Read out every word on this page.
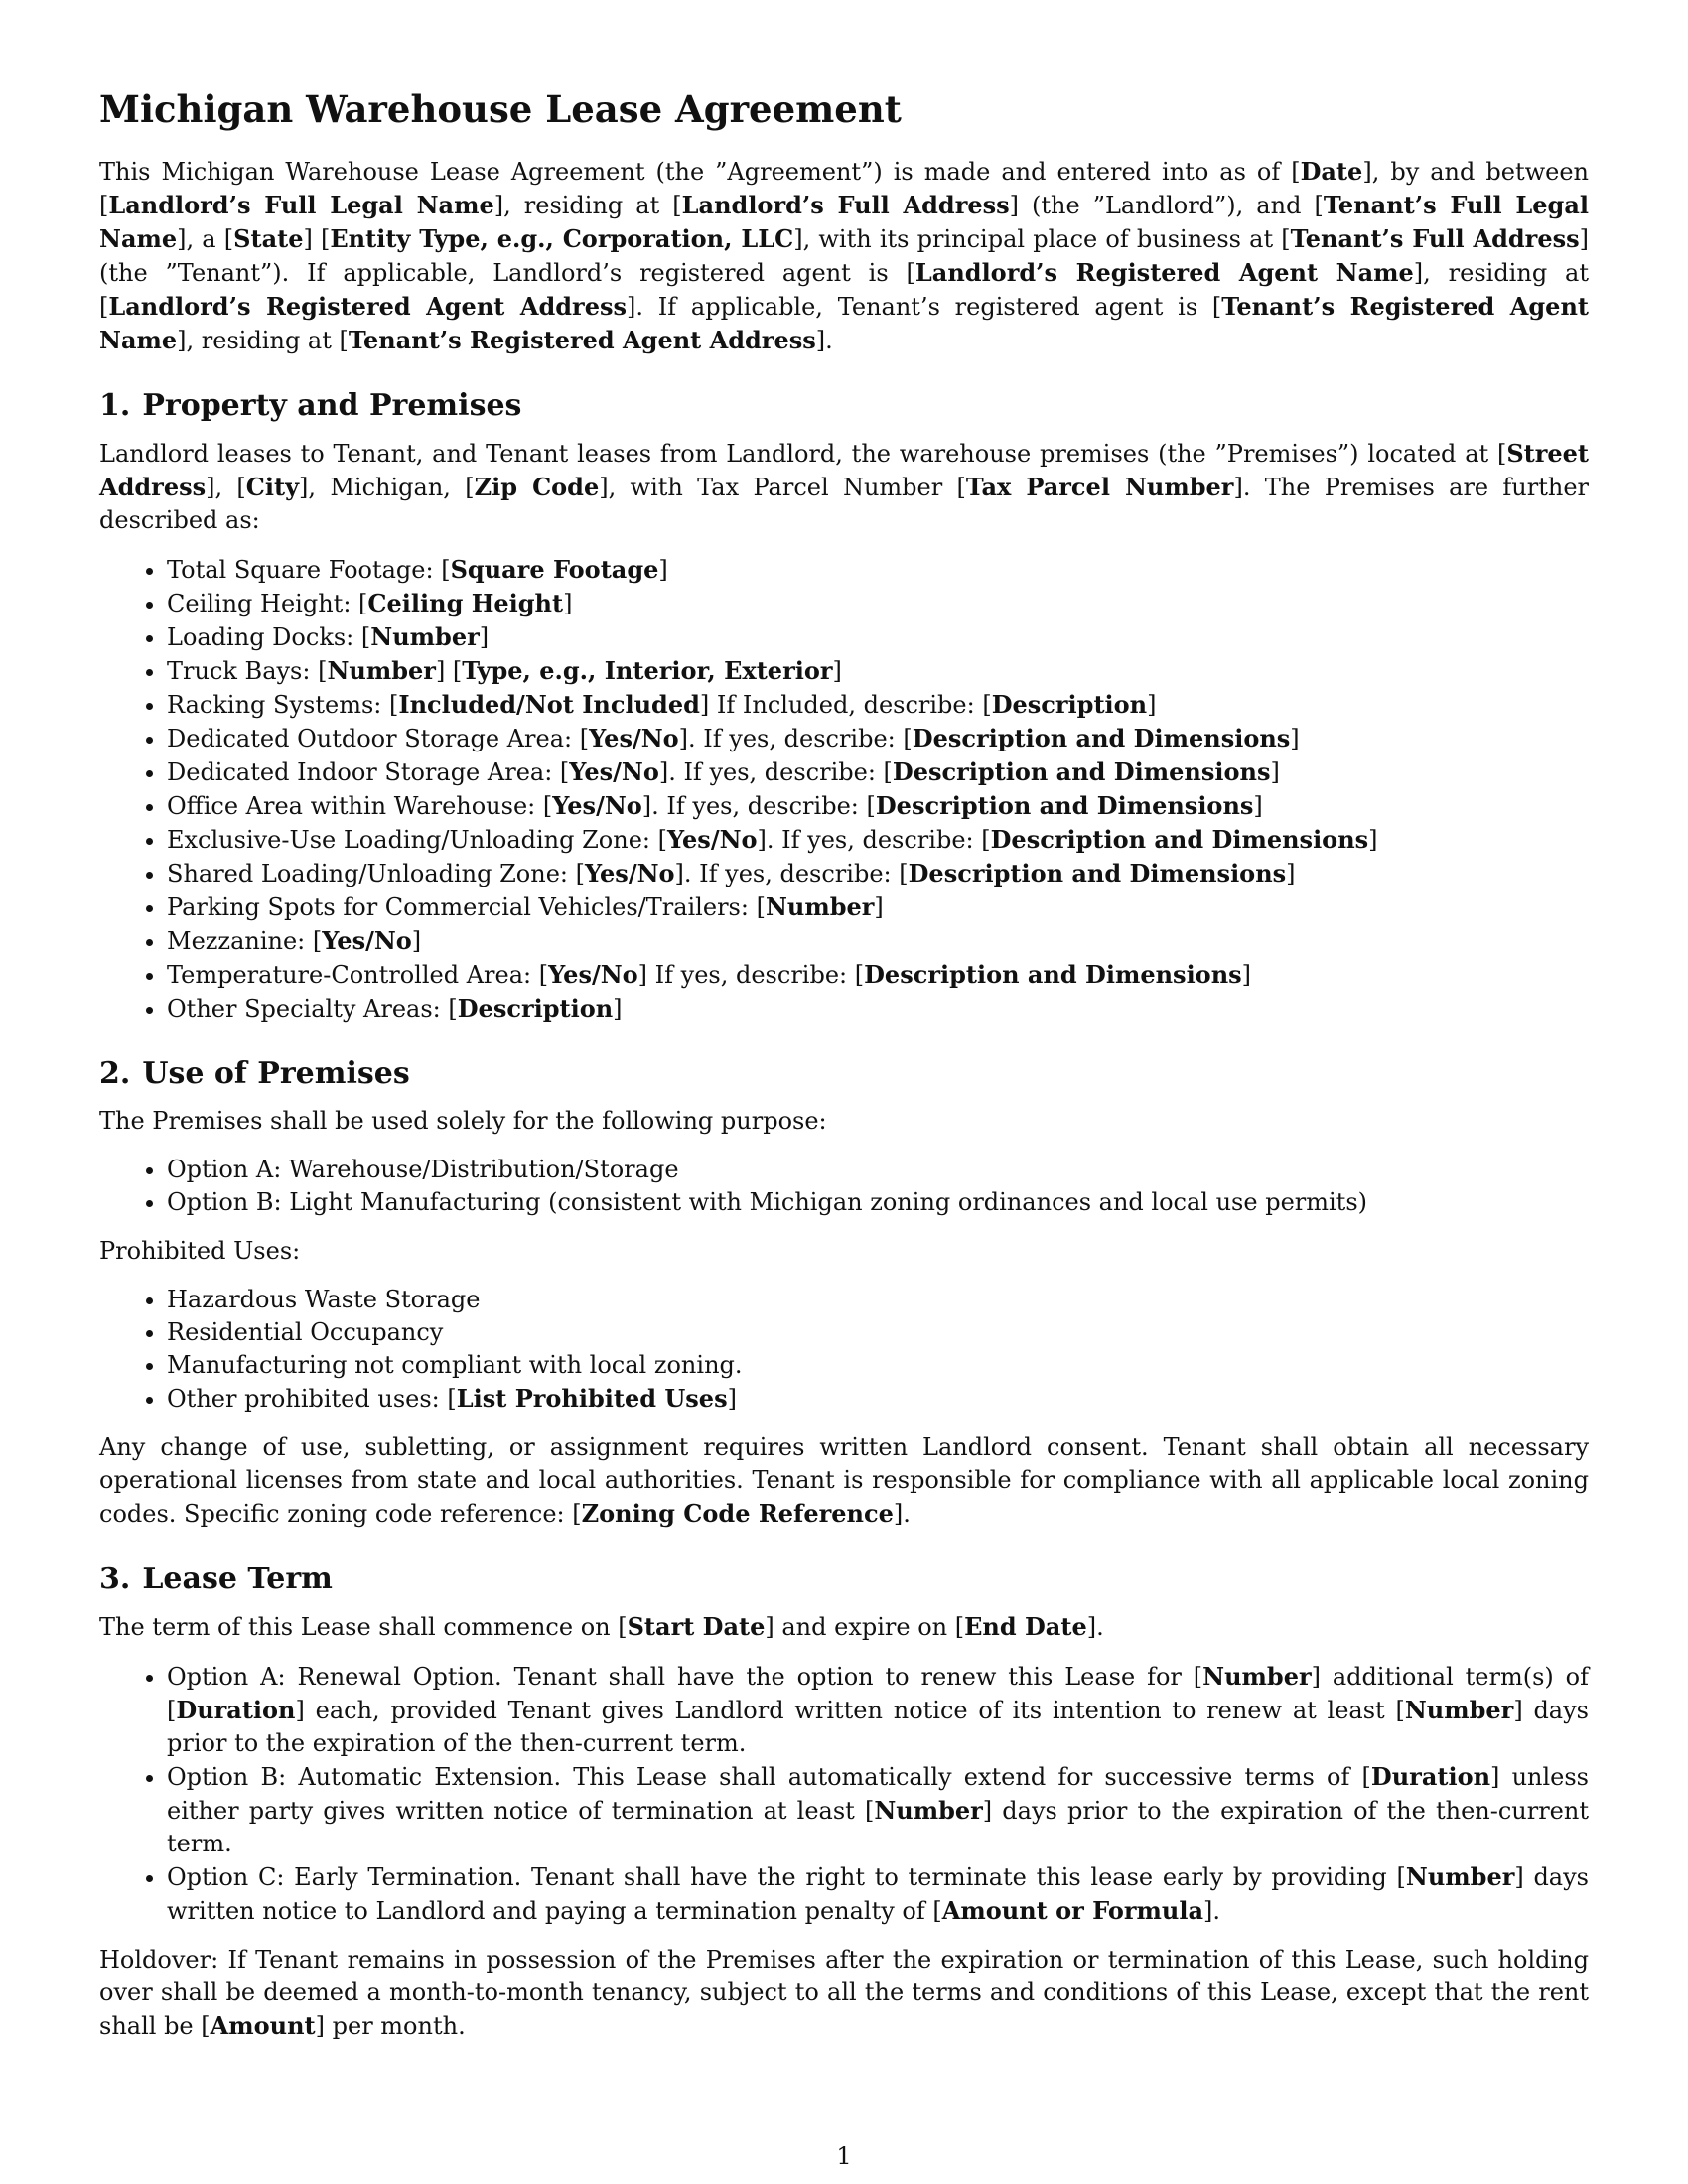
Michigan Warehouse Lease Agreement

This Michigan Warehouse Lease Agreement (the ”Agreement”) is made and entered into as of [Date], by and between [Landlord’s Full Legal Name], residing at [Landlord’s Full Address] (the ”Landlord”), and [Tenant’s Full Legal Name], a [State] [Entity Type, e.g., Corporation, LLC], with its principal place of business at [Tenant’s Full Address] (the ”Tenant”). If applicable, Landlord’s registered agent is [Landlord’s Registered Agent Name], residing at [Landlord’s Registered Agent Address]. If applicable, Tenant’s registered agent is [Tenant’s Registered Agent Name], residing at [Tenant’s Registered Agent Address].

1. Property and Premises

Landlord leases to Tenant, and Tenant leases from Landlord, the warehouse premises (the ”Premises”) located at [Street Address], [City], Michigan, [Zip Code], with Tax Parcel Number [Tax Parcel Number]. The Premises are further described as:

• Total Square Footage: [Square Footage]
• Ceiling Height: [Ceiling Height]
• Loading Docks: [Number]
• Truck Bays: [Number] [Type, e.g., Interior, Exterior]
• Racking Systems: [Included/Not Included] If Included, describe: [Description]
• Dedicated Outdoor Storage Area: [Yes/No]. If yes, describe: [Description and Dimensions]
• Dedicated Indoor Storage Area: [Yes/No]. If yes, describe: [Description and Dimensions]
• Office Area within Warehouse: [Yes/No]. If yes, describe: [Description and Dimensions]
• Exclusive-Use Loading/Unloading Zone: [Yes/No]. If yes, describe: [Description and Dimensions]
• Shared Loading/Unloading Zone: [Yes/No]. If yes, describe: [Description and Dimensions]
• Parking Spots for Commercial Vehicles/Trailers: [Number]
• Mezzanine: [Yes/No]
• Temperature-Controlled Area: [Yes/No] If yes, describe: [Description and Dimensions]
• Other Specialty Areas: [Description]
2. Use of Premises

The Premises shall be used solely for the following purpose:

• Option A: Warehouse/Distribution/Storage
• Option B: Light Manufacturing (consistent with Michigan zoning ordinances and local use permits)

Prohibited Uses:

• Hazardous Waste Storage
• Residential Occupancy
• Manufacturing not compliant with local zoning.
• Other prohibited uses: [List Prohibited Uses]

Any change of use, subletting, or assignment requires written Landlord consent. Tenant shall obtain all necessary operational licenses from state and local authorities. Tenant is responsible for compliance with all applicable local zoning codes. Specific zoning code reference: [Zoning Code Reference].

3. Lease Term

The term of this Lease shall commence on [Start Date] and expire on [End Date].

• Option A: Renewal Option. Tenant shall have the option to renew this Lease for [Number] additional term(s) of [Duration] each, provided Tenant gives Landlord written notice of its intention to renew at least [Number] days prior to the expiration of the then-current term.
• Option B: Automatic Extension. This Lease shall automatically extend for successive terms of [Duration] unless either party gives written notice of termination at least [Number] days prior to the expiration of the then-current term.
• Option C: Early Termination. Tenant shall have the right to terminate this lease early by providing [Number] days written notice to Landlord and paying a termination penalty of [Amount or Formula].

Holdover: If Tenant remains in possession of the Premises after the expiration or termination of this Lease, such holding over shall be deemed a month-to-month tenancy, subject to all the terms and conditions of this Lease, except that the rent shall be [Amount] per month.

1
